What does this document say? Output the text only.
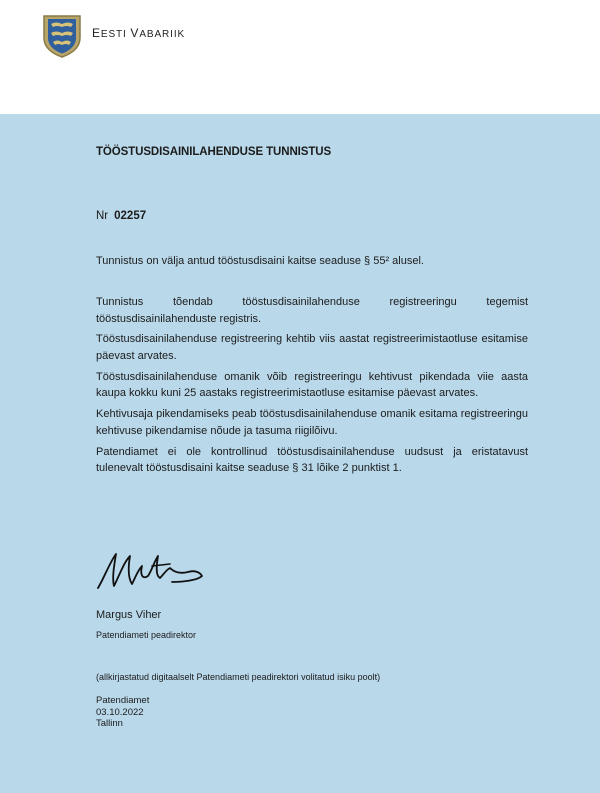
EESTI VABARIIK
TÖÖSTUSDISAINILAHENDUSE TUNNISTUS
Nr 02257
Tunnistus on välja antud tööstusdisaini kaitse seaduse § 55² alusel.

Tunnistus tõendab tööstusdisainilahenduse registreeringu tegemist tööstusdisainilahenduste registris.

Tööstusdisainilahenduse registreering kehtib viis aastat registreerimistaotluse esitamise päevast arvates.

Tööstusdisainilahenduse omanik võib registreeringu kehtivust pikendada viie aasta kaupa kokku kuni 25 aastaks registreerimistaotluse esitamise päevast arvates.

Kehtivusaja pikendamiseks peab tööstusdisainilahenduse omanik esitama registreeringu kehtivuse pikendamise nõude ja tasuma riigilõivu.

Patendiamet ei ole kontrollinud tööstusdisainilahenduse uudsust ja eristatavust tulenevalt tööstusdisaini kaitse seaduse § 31 lõike 2 punktist 1.

Margus Viher
Patendiameti peadirektor
(allkirjastatud digitaalselt Patendiameti peadirektori volitatud isiku poolt)
Patendiamet
03.10.2022
Tallinn
